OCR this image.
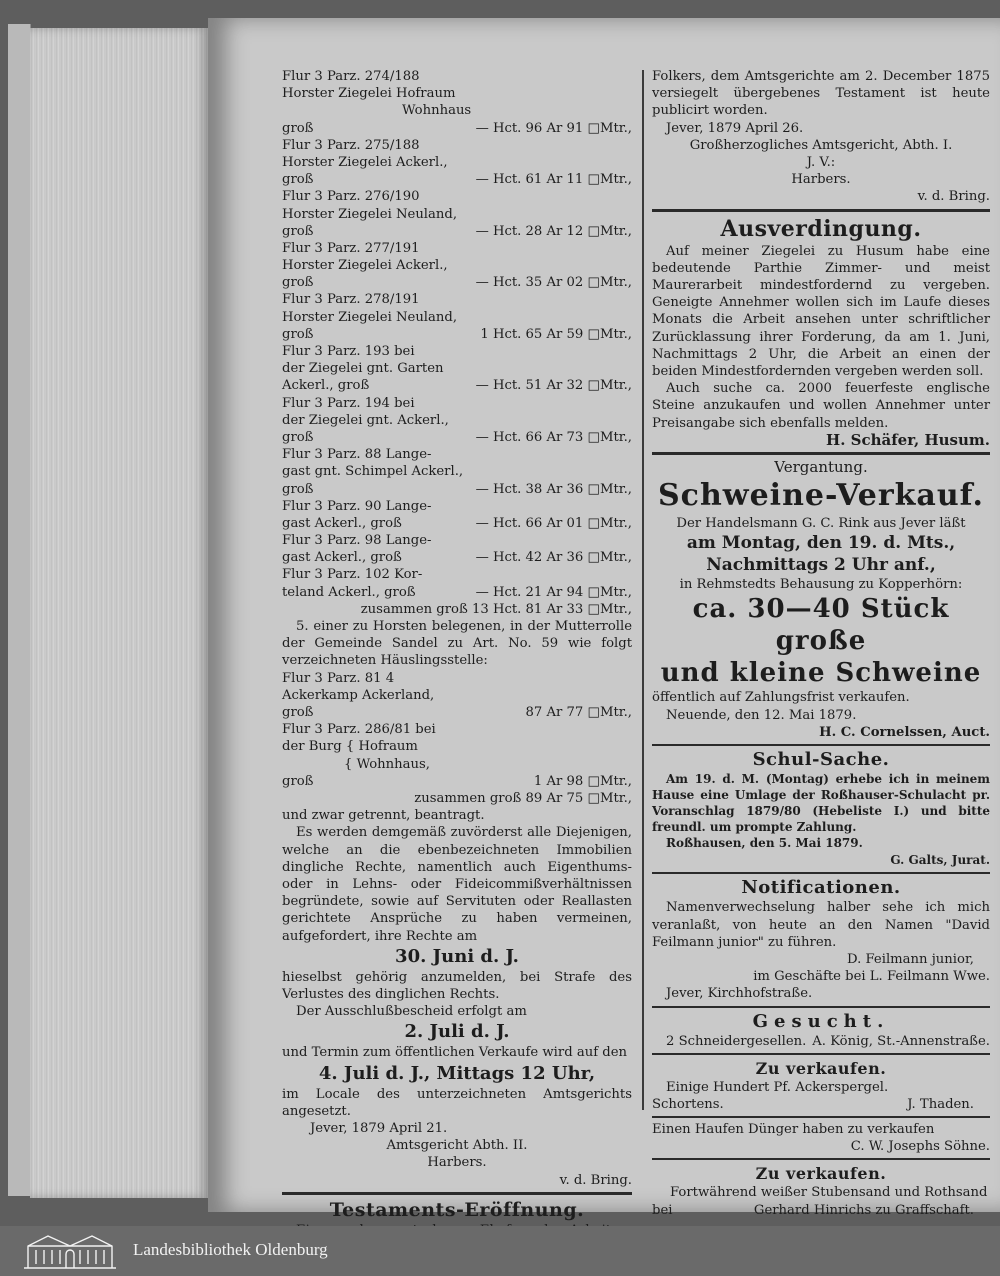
Flur 3 Parz. 274/188
Horster Ziegelei Hofraum
Wohnhaus
groß	— Hct. 96 Ar 91 □Mtr.,
Flur 3 Parz. 275/188
Horster Ziegelei Ackerl.,
groß	— Hct. 61 Ar 11 □Mtr.,
Flur 3 Parz. 276/190
Horster Ziegelei Neuland,
groß	— Hct. 28 Ar 12 □Mtr.,
Flur 3 Parz. 277/191
Horster Ziegelei Ackerl.,
groß	— Hct. 35 Ar 02 □Mtr.,
Flur 3 Parz. 278/191
Horster Ziegelei Neuland,
groß	1 Hct. 65 Ar 59 □Mtr.,
Flur 3 Parz. 193 bei
der Ziegelei gnt. Garten
Ackerl., groß	— Hct. 51 Ar 32 □Mtr.,
Flur 3 Parz. 194 bei
der Ziegelei gnt. Ackerl.,
groß	— Hct. 66 Ar 73 □Mtr.,
Flur 3 Parz. 88 Lange-
gast gnt. Schimpel Ackerl.,
groß	— Hct. 38 Ar 36 □Mtr.,
Flur 3 Parz. 90 Lange-
gast Ackerl., groß	— Hct. 66 Ar 01 □Mtr.,
Flur 3 Parz. 98 Lange-
gast Ackerl., groß	— Hct. 42 Ar 36 □Mtr.,
Flur 3 Parz. 102 Kor-
teland Ackerl., groß	— Hct. 21 Ar 94 □Mtr.,
zusammen groß 13 Hct. 81 Ar 33 □Mtr.,
5. einer zu Horsten belegenen, in der Mutterrolle der Gemeinde Sandel zu Art. No. 59 wie folgt verzeichneten Häuslingsstelle:
Flur 3 Parz. 81 4
Ackerkamp Ackerland,
groß	87 Ar 77 □Mtr.,
Flur 3 Parz. 286/81 bei
der Burg { Hofraum
{ Wohnhaus,
groß	1 Ar 98 □Mtr.,
zusammen groß 89 Ar 75 □Mtr.,
und zwar getrennt, beantragt.
Es werden demgemäß zuvörderst alle Diejenigen, welche an die ebenbezeichneten Immobilien dingliche Rechte, namentlich auch Eigenthums- oder in Lehns- oder Fideicommißverhältnissen begründete, sowie auf Servituten oder Reallasten gerichtete Ansprüche zu haben vermeinen, aufgefordert, ihre Rechte am
30. Juni d. J.
hieselbst gehörig anzumelden, bei Strafe des Verlustes des dinglichen Rechts.
Der Ausschlußbescheid erfolgt am
2. Juli d. J.
und Termin zum öffentlichen Verkaufe wird auf den
4. Juli d. J., Mittags 12 Uhr,
im Locale des unterzeichneten Amtsgerichts angesetzt.
Jever, 1879 April 21.
Amtsgericht Abth. II.
Harbers.
v. d. Bring.
Testaments-Eröffnung.
Folkers, dem Amtsgerichte am 2. December 1875 versiegelt übergebenes Testament ist heute publicirt worden.
Jever, 1879 April 26.
Großherzogliches Amtsgericht, Abth. I.
J. V.:
Harbers.
v. d. Bring.
Ausverdingung.
Auf meiner Ziegelei zu Husum habe eine bedeutende Parthie Zimmer- und meist Maurerarbeit mindestfordernd zu vergeben. Geneigte Annehmer wollen sich im Laufe dieses Monats die Arbeit ansehen unter schriftlicher Zurücklassung ihrer Forderung, da am 1. Juni, Nachmittags 2 Uhr, die Arbeit an einen der beiden Mindestfordernden vergeben werden soll.
Auch suche ca. 2000 feuerfeste englische Steine anzukaufen und wollen Annehmer unter Preisangabe sich ebenfalls melden.
H. Schäfer, Husum.
Vergantung.
Schweine-Verkauf.
Der Handelsmann G. C. Rink aus Jever läßt
am Montag, den 19. d. Mts.,
Nachmittags 2 Uhr anf.,
in Rehmstedts Behausung zu Kopperhörn:
ca. 30—40 Stück große
und kleine Schweine
öffentlich auf Zahlungsfrist verkaufen.
Neuende, den 12. Mai 1879.
H. C. Cornelssen, Auct.
Schul-Sache.
Am 19. d. M. (Montag) erhebe ich in meinem Hause eine Umlage der Roßhauser-Schulacht pr. Voranschlag 1879/80 (Hebeliste I.) und bitte freundl. um prompte Zahlung.
Roßhausen, den 5. Mai 1879.
G. Galts, Jurat.
Notificationen.
Namenverwechselung halber sehe ich mich veranlaßt, von heute an den Namen "David Feilmann junior" zu führen.
D. Feilmann junior,
im Geschäfte bei L. Feilmann Wwe.
Jever, Kirchhofstraße.
Gesucht.
2 Schneidergesellen. A. König, St.-Annenstraße.
Zu verkaufen.
Einige Hundert Pf. Ackerspergel.
Schortens.	J. Thaden.
Einen Haufen Dünger haben zu verkaufen
C. W. Josephs Söhne.
Zu verkaufen.
Fortwährend weißer Stubensand und Rothsand
bei	Gerhard Hinrichs zu Graffschaft.
Landesbibliothek Oldenburg
